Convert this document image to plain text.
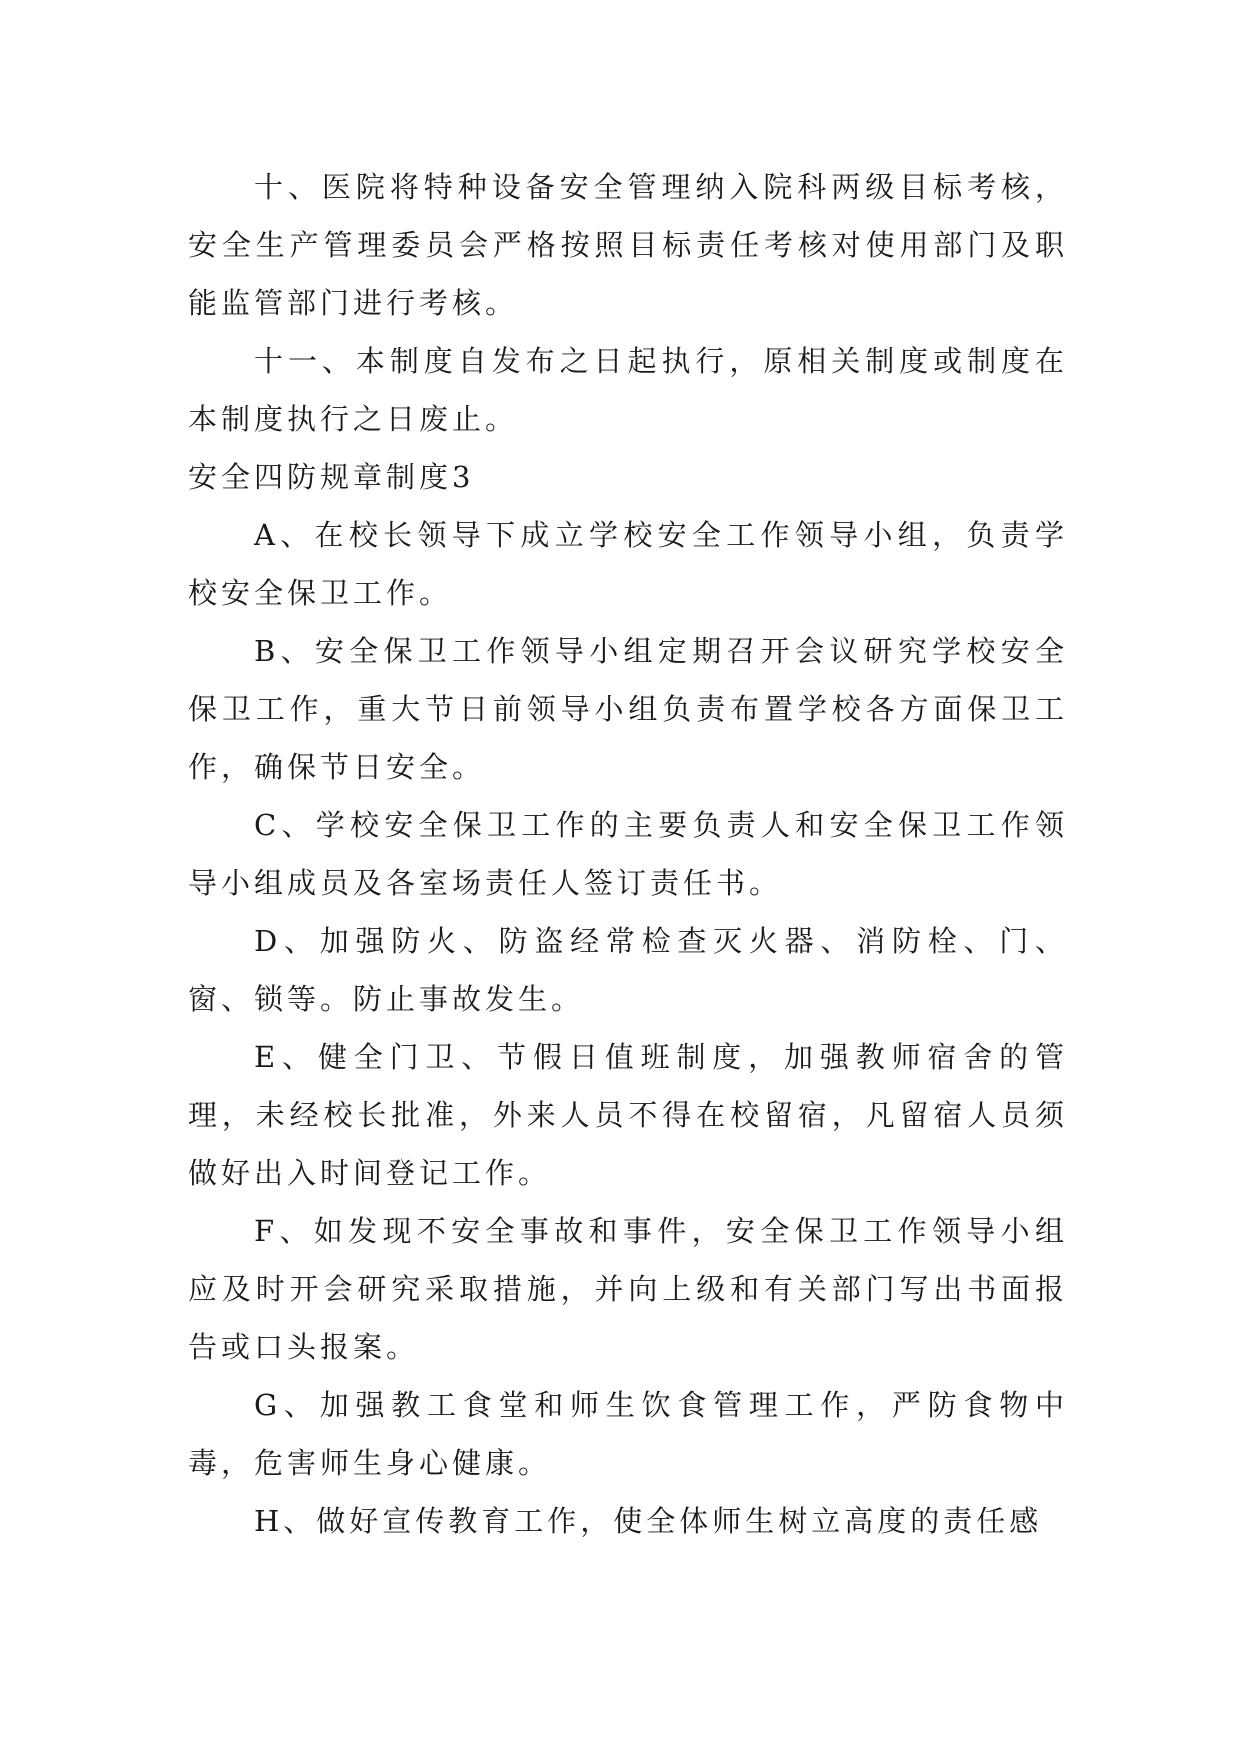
十、医院将特种设备安全管理纳入院科两级目标考核，安全生产管理委员会严格按照目标责任考核对使用部门及职能监管部门进行考核。

十一、本制度自发布之日起执行，原相关制度或制度在本制度执行之日废止。

安全四防规章制度3

A、在校长领导下成立学校安全工作领导小组，负责学校安全保卫工作。

B、安全保卫工作领导小组定期召开会议研究学校安全保卫工作，重大节日前领导小组负责布置学校各方面保卫工作，确保节日安全。

C、学校安全保卫工作的主要负责人和安全保卫工作领导小组成员及各室场责任人签订责任书。

D、加强防火、防盗经常检查灭火器、消防栓、门、窗、锁等。防止事故发生。

E、健全门卫、节假日值班制度，加强教师宿舍的管理，未经校长批准，外来人员不得在校留宿，凡留宿人员须做好出入时间登记工作。

F、如发现不安全事故和事件，安全保卫工作领导小组应及时开会研究采取措施，并向上级和有关部门写出书面报告或口头报案。

G、加强教工食堂和师生饮食管理工作，严防食物中毒，危害师生身心健康。

H、做好宣传教育工作，使全体师生树立高度的责任感
